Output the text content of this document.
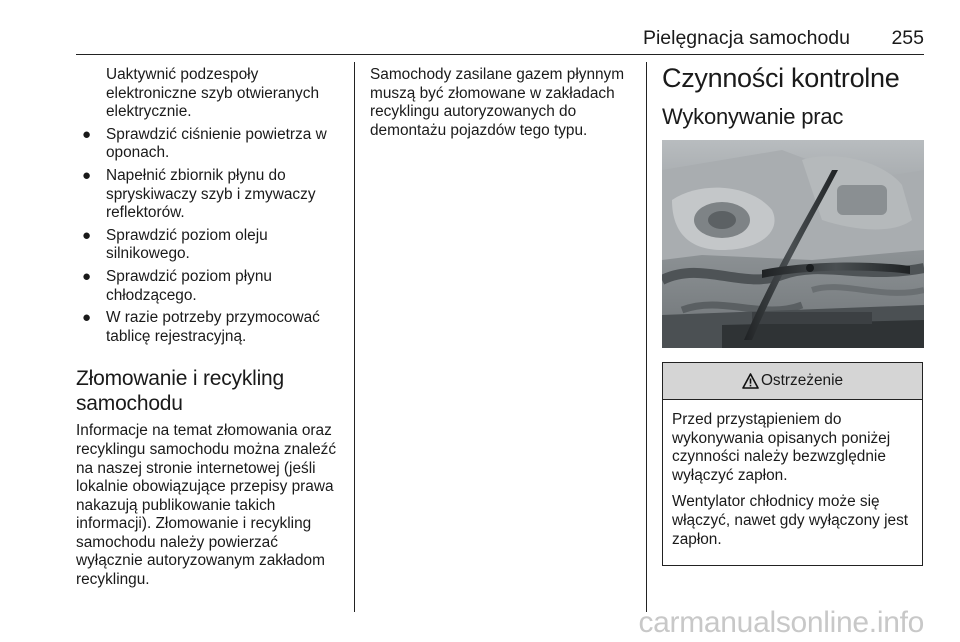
Pielęgnacja samochodu 255

Uaktywnić podzespoły elektroniczne szyb otwieranych elektrycznie.

● Sprawdzić ciśnienie powietrza w oponach.
● Napełnić zbiornik płynu do spryskiwaczy szyb i zmywaczy reflektorów.
● Sprawdzić poziom oleju silnikowego.
● Sprawdzić poziom płynu chłodzącego.
● W razie potrzeby przymocować tablicę rejestracyjną.
Złomowanie i recykling samochodu

Informacje na temat złomowania oraz recyklingu samochodu można znaleźć na naszej stronie internetowej (jeśli lokalnie obowiązujące przepisy prawa nakazują publikowanie takich informacji). Złomowanie i recykling samochodu należy powierzać wyłącznie autoryzowanym zakładom recyklingu.

Samochody zasilane gazem płynnym muszą być złomowane w zakładach recyklingu autoryzowanych do demontażu pojazdów tego typu.

Czynności kontrolne
Wykonywanie prac
Ostrzeżenie

Przed przystąpieniem do wykonywania opisanych poniżej czynności należy bezwzględnie wyłączyć zapłon.

Wentylator chłodnicy może się włączyć, nawet gdy wyłączony jest zapłon.

carmanualsonline.info
